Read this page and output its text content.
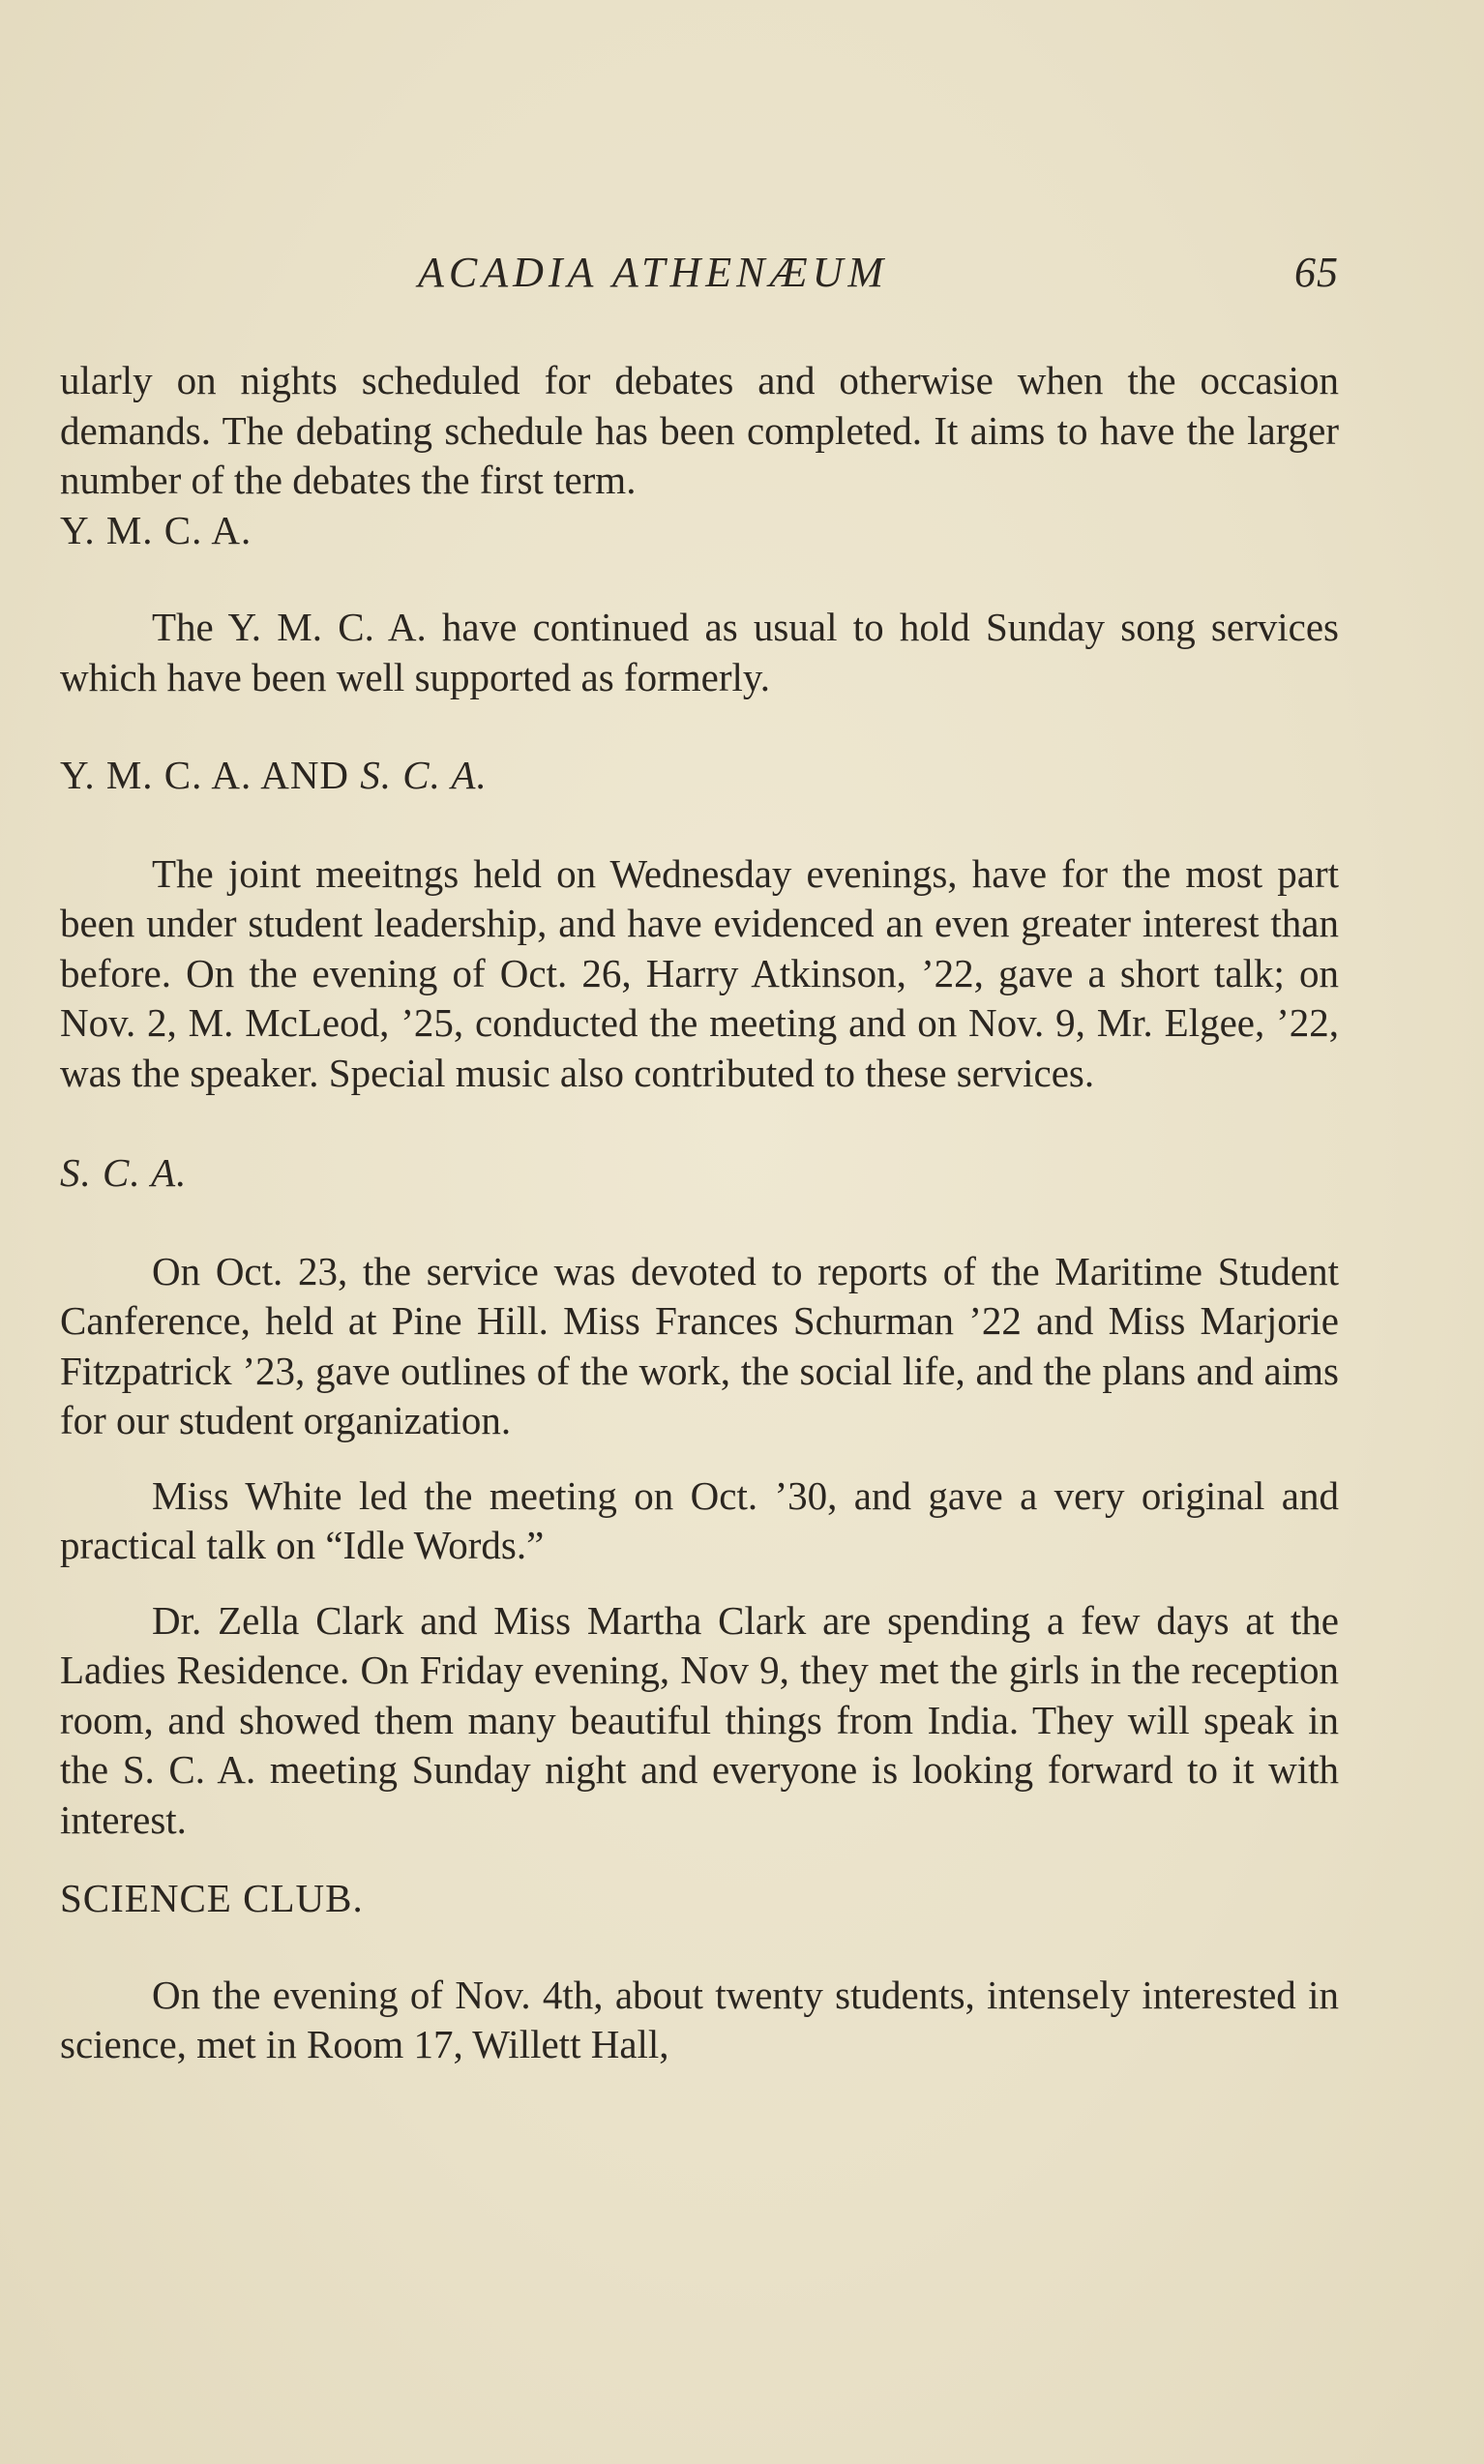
ACADIA ATHENÆUM	65

ularly on nights scheduled for debates and otherwise when the occasion demands. The debating schedule has been completed. It aims to have the larger number of the debates the first term.

Y. M. C. A.

The Y. M. C. A. have continued as usual to hold Sunday song services which have been well supported as formerly.

Y. M. C. A. AND S. C. A.

The joint meeitngs held on Wednesday evenings, have for the most part been under student leadership, and have evidenced an even greater interest than before. On the evening of Oct. 26, Harry Atkinson, ’22, gave a short talk; on Nov. 2, M. McLeod, ’25, conducted the meeting and on Nov. 9, Mr. Elgee, ’22, was the speaker. Special music also contributed to these services.

S. C. A.

On Oct. 23, the service was devoted to reports of the Maritime Student Canference, held at Pine Hill. Miss Frances Schurman ’22 and Miss Marjorie Fitzpatrick ’23, gave outlines of the work, the social life, and the plans and aims for our student organization.

Miss White led the meeting on Oct. ’30, and gave a very original and practical talk on “Idle Words.”

Dr. Zella Clark and Miss Martha Clark are spending a few days at the Ladies Residence. On Friday evening, Nov 9, they met the girls in the reception room, and showed them many beautiful things from India. They will speak in the S. C. A. meeting Sunday night and everyone is looking forward to it with interest.

SCIENCE CLUB.

On the evening of Nov. 4th, about twenty students, intensely interested in science, met in Room 17, Willett Hall,
